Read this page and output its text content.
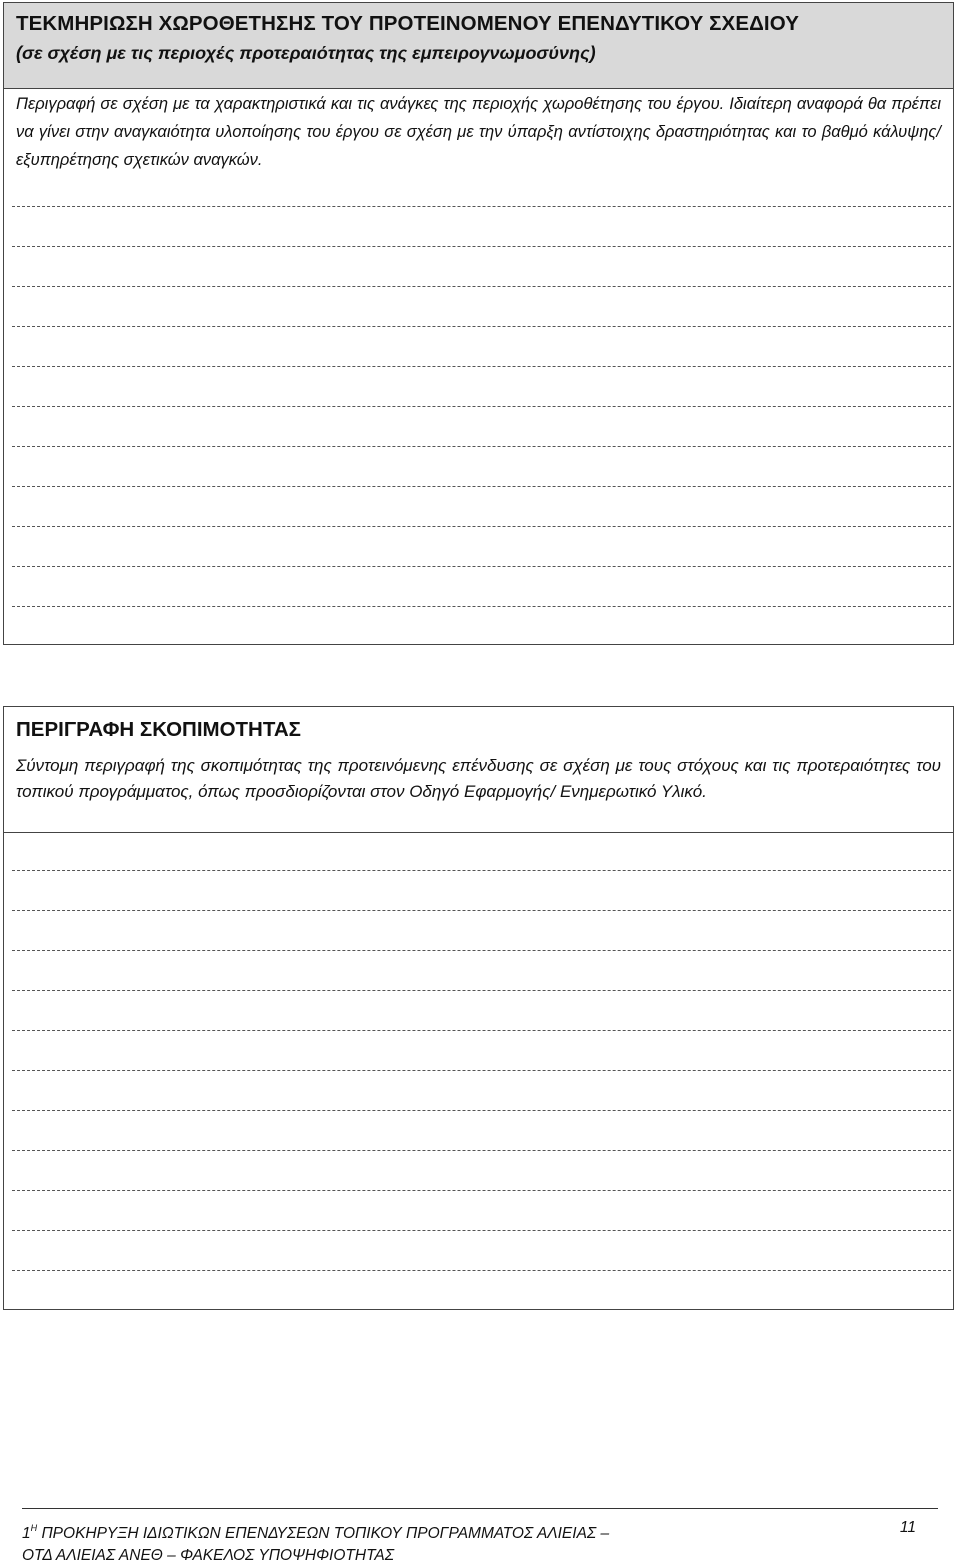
ΤΕΚΜΗΡΙΩΣΗ ΧΩΡΟΘΕΤΗΣΗΣ ΤΟΥ ΠΡΟΤΕΙΝΟΜΕΝΟΥ ΕΠΕΝΔΥΤΙΚΟΥ ΣΧΕΔΙΟΥ
(σε σχέση με τις περιοχές προτεραιότητας της εμπειρογνωμοσύνης)
Περιγραφή σε σχέση με τα χαρακτηριστικά και τις ανάγκες της περιοχής χωροθέτησης του έργου. Ιδιαίτερη αναφορά θα πρέπει να γίνει στην αναγκαιότητα υλοποίησης του έργου σε σχέση με την ύπαρξη αντίστοιχης δραστηριότητας και το βαθμό κάλυψης/εξυπηρέτησης σχετικών αναγκών.
ΠΕΡΙΓΡΑΦΗ ΣΚΟΠΙΜΟΤΗΤΑΣ
Σύντομη περιγραφή της σκοπιμότητας της προτεινόμενης επένδυσης σε σχέση με τους στόχους και τις προτεραιότητες του τοπικού προγράμματος, όπως προσδιορίζονται στον Οδηγό Εφαρμογής/ Ενημερωτικό Υλικό.
$1^H$ ΠΡΟΚΗΡΥΞΗ ΙΔΙΩΤΙΚΩΝ ΕΠΕΝΔΥΣΕΩΝ ΤΟΠΙΚΟΥ ΠΡΟΓΡΑΜΜΑΤΟΣ ΑΛΙΕΙΑΣ –	11
ΟΤΔ ΑΛΙΕΙΑΣ ΑΝΕΘ – ΦΑΚΕΛΟΣ ΥΠΟΨΗΦΙΟΤΗΤΑΣ
